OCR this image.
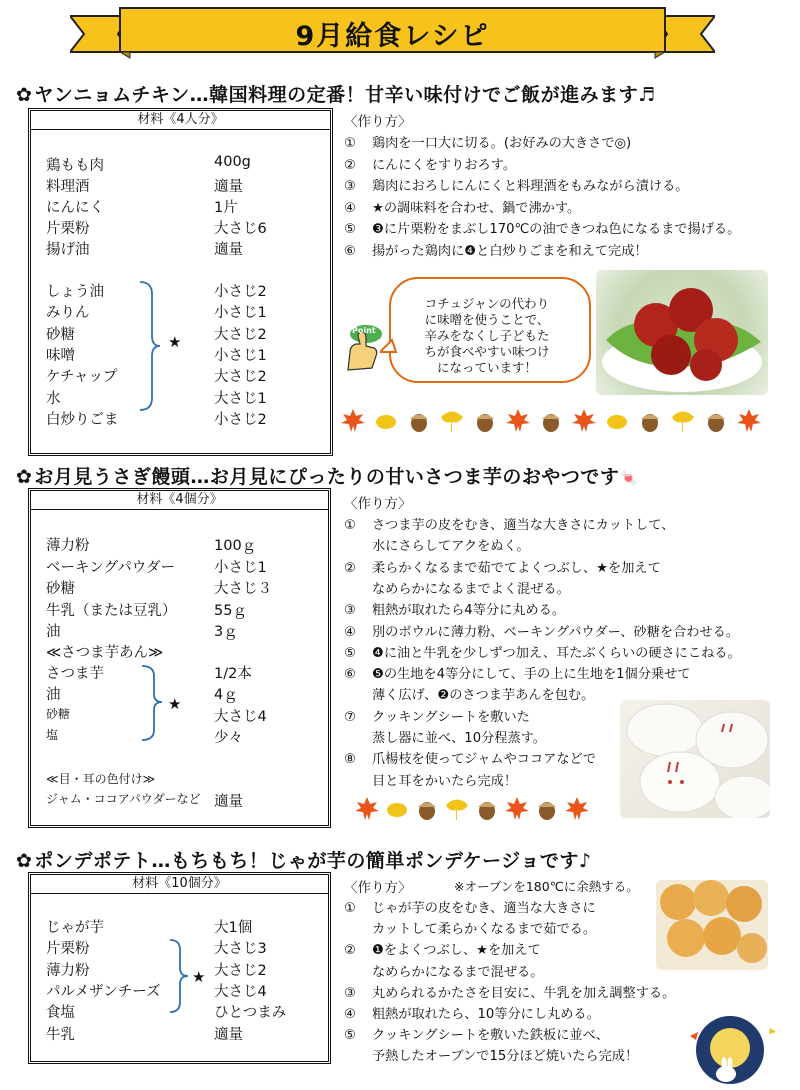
9月給食レシピ
✿ ヤンニョムチキン…韓国料理の定番！甘辛い味付けでご飯が進みます♬
材料《4人分》
鶏もも肉	400g
料理酒	適量
にんにく	1片
片栗粉	大さじ6
揚げ油	適量
しょう油	小さじ2
みりん	小さじ1
砂糖	大さじ2
味噌	小さじ1
ケチャップ	大さじ2
水	大さじ1
白炒りごま	小さじ2
★
〈作り方〉
① 鶏肉を一口大に切る。(お好みの大きさで◎)
② にんにくをすりおろす。
③ 鶏肉におろしにんにくと料理酒をもみながら漬ける。
④ ★の調味料を合わせ、鍋で沸かす。
⑤ ❸に片栗粉をまぶし170℃の油できつね色になるまで揚げる。
⑥ 揚がった鶏肉に❹と白炒りごまを和えて完成！
Point
コチュジャンの代わり
に味噌を使うことで、
辛みをなくし子どもた
ちが食べやすい味つけ
になっています！
✿ お月見うさぎ饅頭…お月見にぴったりの甘いさつま芋のおやつです🍬
材料《4個分》
薄力粉	100ｇ
ベーキングパウダー	小さじ1
砂糖	大さじ３
牛乳（または豆乳）	55ｇ
油	3ｇ
≪さつま芋あん≫
さつま芋	1/2本
油	4ｇ
砂糖	大さじ4
塩	少々
≪目・耳の色付け≫
ジャム・ココアパウダーなど 適量
★
〈作り方〉
① さつま芋の皮をむき、適当な大きさにカットして、
水にさらしてアクをぬく。
② 柔らかくなるまで茹でてよくつぶし、★を加えて
なめらかになるまでよく混ぜる。
③ 粗熱が取れたら4等分に丸める。
④ 別のボウルに薄力粉、ベーキングパウダー、砂糖を合わせる。
⑤ ❹に油と牛乳を少しずつ加え、耳たぶくらいの硬さにこねる。
⑥ ❺の生地を4等分にして、手の上に生地を1個分乗せて
薄く広げ、❷のさつま芋あんを包む。
⑦ クッキングシートを敷いた
蒸し器に並べ、10分程蒸す。
⑧ 爪楊枝を使ってジャムやココアなどで
目と耳をかいたら完成！
✿ ポンデポテト…もちもち！じゃが芋の簡単ポンデケージョです♪
材料《10個分》
じゃが芋	大1個
片栗粉	大さじ3
薄力粉	大さじ2
パルメザンチーズ	大さじ4
食塩	ひとつまみ
牛乳	適量
★
〈作り方〉	※オーブンを180℃に余熱する。
① じゃが芋の皮をむき、適当な大きさに
カットして柔らかくなるまで茹でる。
② ❶をよくつぶし、★を加えて
なめらかになるまで混ぜる。
③ 丸められるかたさを目安に、牛乳を加え調整する。
④ 粗熱が取れたら、10等分にし丸める。
⑤ クッキングシートを敷いた鉄板に並べ、
予熱したオーブンで15分ほど焼いたら完成！
